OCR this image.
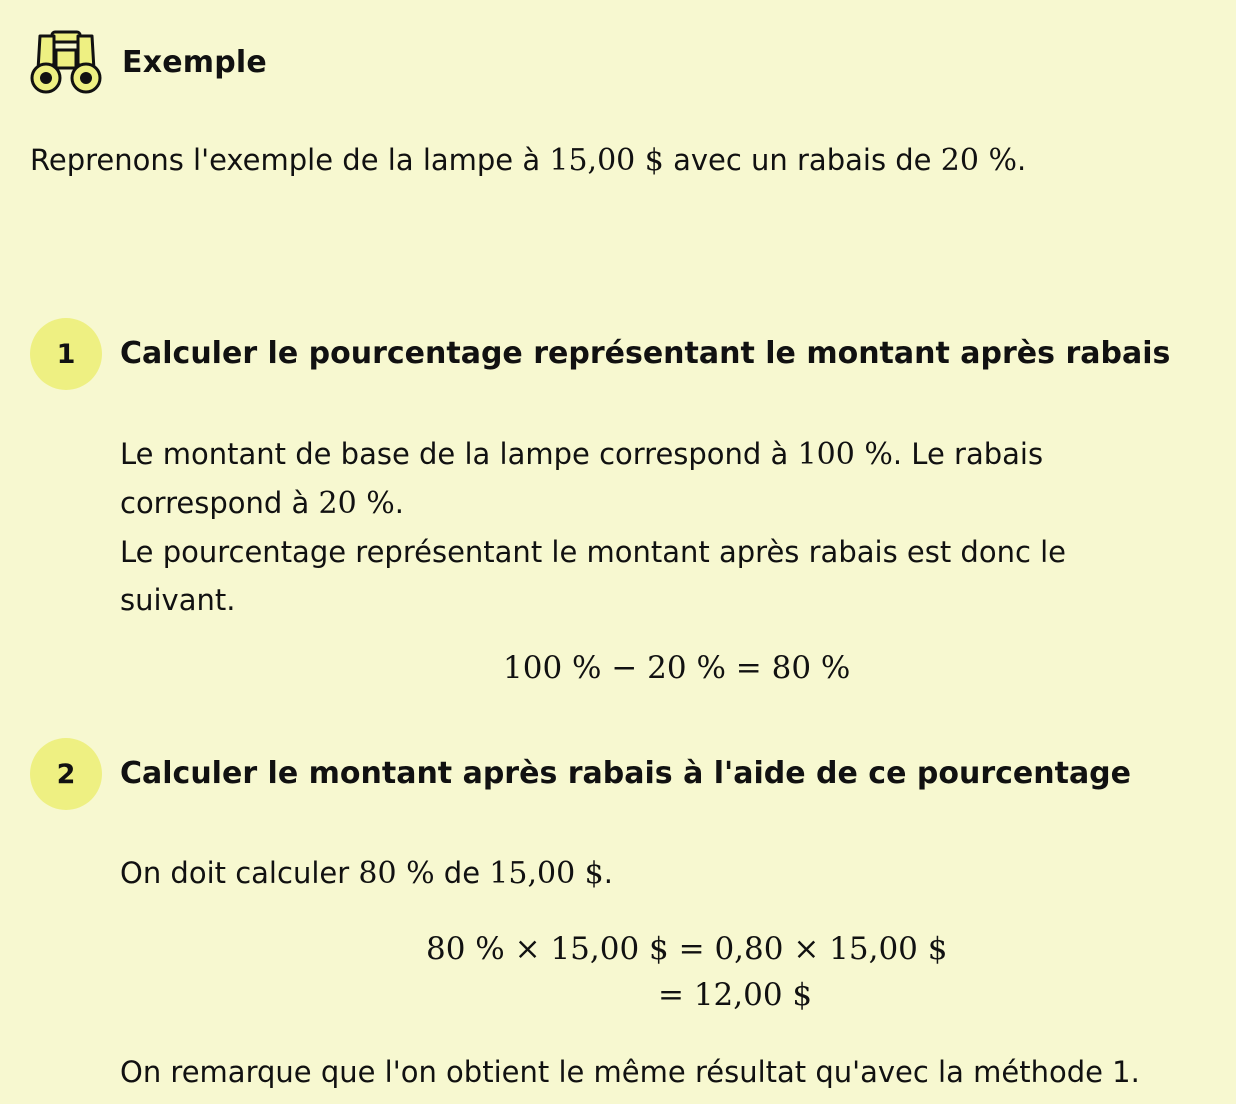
Exemple
Reprenons l'exemple de la lampe à 15,00 $ avec un rabais de 20 %.
1	Calculer le pourcentage représentant le montant après rabais
Le montant de base de la lampe correspond à 100 %. Le rabais
correspond à 20 %.
Le pourcentage représentant le montant après rabais est donc le
suivant.
100 % − 20 % = 80 %
2	Calculer le montant après rabais à l'aide de ce pourcentage
On doit calculer 80 % de 15,00 $.
80 % × 15,00 $ = 0,80 × 15,00 $
= 12,00 $
On remarque que l'on obtient le même résultat qu'avec la méthode 1.
